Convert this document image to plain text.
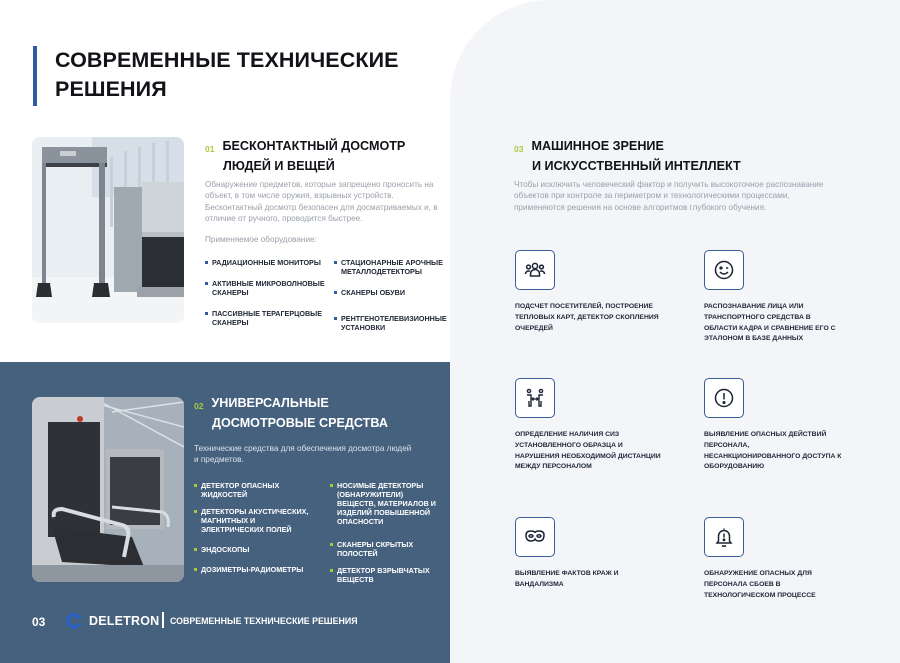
СОВРЕМЕННЫЕ ТЕХНИЧЕСКИЕ
РЕШЕНИЯ
01 БЕСКОНТАКТНЫЙ ДОСМОТР
ЛЮДЕЙ И ВЕЩЕЙ

Обнаружение предметов, которые запрещено проносить на объект, в том числе оружия, взрывных устройств. Бесконтактный досмотр безопасен для досматриваемых и, в отличие от ручного, проводится быстрее.

Применяемое оборудование:

РАДИАЦИОННЫЕ МОНИТОРЫ
АКТИВНЫЕ МИКРОВОЛНОВЫЕ СКАНЕРЫ
ПАССИВНЫЕ ТЕРАГЕРЦОВЫЕ СКАНЕРЫ
СТАЦИОНАРНЫЕ АРОЧНЫЕ МЕТАЛЛОДЕТЕКТОРЫ
СКАНЕРЫ ОБУВИ
РЕНТГЕНОТЕЛЕВИЗИОННЫЕ УСТАНОВКИ
02 УНИВЕРСАЛЬНЫЕ
ДОСМОТРОВЫЕ СРЕДСТВА

Технические средства для обеспечения досмотра людей и предметов.

ДЕТЕКТОР ОПАСНЫХ ЖИДКОСТЕЙ
ДЕТЕКТОРЫ АКУСТИЧЕСКИХ, МАГНИТНЫХ И ЭЛЕКТРИЧЕСКИХ ПОЛЕЙ
ЭНДОСКОПЫ
ДОЗИМЕТРЫ-РАДИОМЕТРЫ
НОСИМЫЕ ДЕТЕКТОРЫ (ОБНАРУЖИТЕЛИ) ВЕЩЕСТВ, МАТЕРИАЛОВ И ИЗДЕЛИЙ ПОВЫШЕННОЙ ОПАСНОСТИ
СКАНЕРЫ СКРЫТЫХ ПОЛОСТЕЙ
ДЕТЕКТОР ВЗРЫВЧАТЫХ ВЕЩЕСТВ
03 МАШИННОЕ ЗРЕНИЕ
И ИСКУССТВЕННЫЙ ИНТЕЛЛЕКТ

Чтобы исключить человеческий фактор и получить высокоточное распознавание объектов при контроле за периметром и технологическими процессами, применяются решения на основе алгоритмов глубокого обучения.

ПОДСЧЕТ ПОСЕТИТЕЛЕЙ, ПОСТРОЕНИЕ ТЕПЛОВЫХ КАРТ, ДЕТЕКТОР СКОПЛЕНИЯ ОЧЕРЕДЕЙ
РАСПОЗНАВАНИЕ ЛИЦА ИЛИ ТРАНСПОРТНОГО СРЕДСТВА В ОБЛАСТИ КАДРА И СРАВНЕНИЕ ЕГО С ЭТАЛОНОМ В БАЗЕ ДАННЫХ
ОПРЕДЕЛЕНИЕ НАЛИЧИЯ СИЗ УСТАНОВЛЕННОГО ОБРАЗЦА И НАРУШЕНИЯ НЕОБХОДИМОЙ ДИСТАНЦИИ МЕЖДУ ПЕРСОНАЛОМ
ВЫЯВЛЕНИЕ ОПАСНЫХ ДЕЙСТВИЙ ПЕРСОНАЛА, НЕСАНКЦИОНИРОВАННОГО ДОСТУПА К ОБОРУДОВАНИЮ
ВЫЯВЛЕНИЕ ФАКТОВ КРАЖ И ВАНДАЛИЗМА
ОБНАРУЖЕНИЕ ОПАСНЫХ ДЛЯ ПЕРСОНАЛА СБОЕВ В ТЕХНОЛОГИЧЕСКОМ ПРОЦЕССЕ
03	DELETRON СОВРЕМЕННЫЕ ТЕХНИЧЕСКИЕ РЕШЕНИЯ
